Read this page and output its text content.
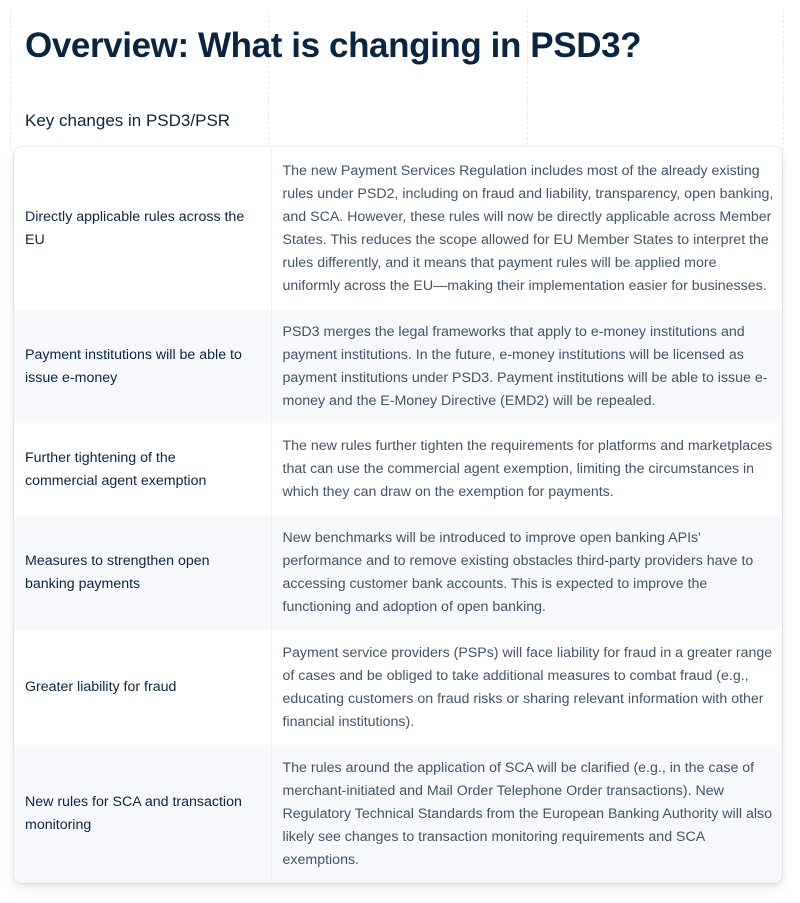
Overview: What is changing in PSD3?
Key changes in PSD3/PSR
Directly applicable rules across the EU	The new Payment Services Regulation includes most of the already existing rules under PSD2, including on fraud and liability, transparency, open banking, and SCA. However, these rules will now be directly applicable across Member States. This reduces the scope allowed for EU Member States to interpret the rules differently, and it means that payment rules will be applied more uniformly across the EU—making their implementation easier for businesses.
Payment institutions will be able to issue e-money	PSD3 merges the legal frameworks that apply to e-money institutions and payment institutions. In the future, e-money institutions will be licensed as payment institutions under PSD3. Payment institutions will be able to issue e-money and the E-Money Directive (EMD2) will be repealed.
Further tightening of the commercial agent exemption	The new rules further tighten the requirements for platforms and marketplaces that can use the commercial agent exemption, limiting the circumstances in which they can draw on the exemption for payments.
Measures to strengthen open banking payments	New benchmarks will be introduced to improve open banking APIs' performance and to remove existing obstacles third-party providers have to accessing customer bank accounts. This is expected to improve the functioning and adoption of open banking.
Greater liability for fraud	Payment service providers (PSPs) will face liability for fraud in a greater range of cases and be obliged to take additional measures to combat fraud (e.g., educating customers on fraud risks or sharing relevant information with other financial institutions).
New rules for SCA and transaction monitoring	The rules around the application of SCA will be clarified (e.g., in the case of merchant-initiated and Mail Order Telephone Order transactions). New Regulatory Technical Standards from the European Banking Authority will also likely see changes to transaction monitoring requirements and SCA exemptions.
